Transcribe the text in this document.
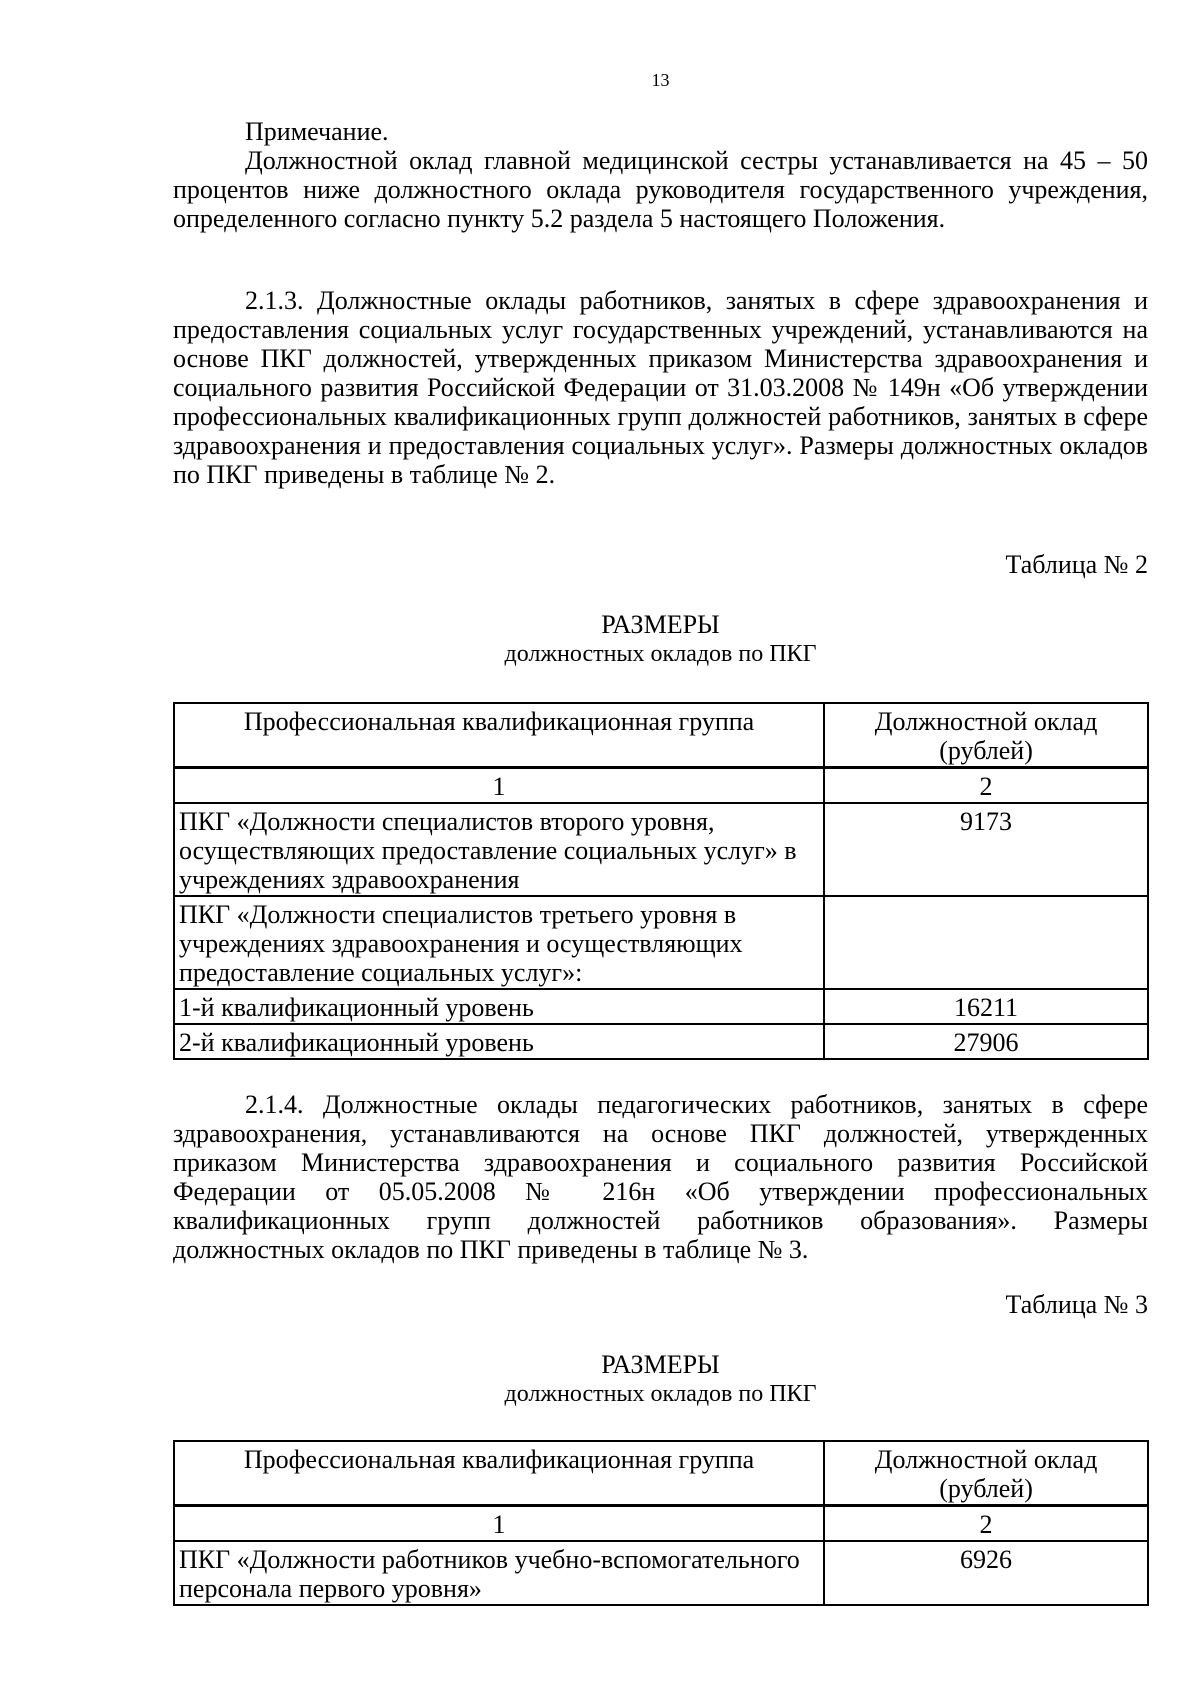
13
Примечание.
Должностной оклад главной медицинской сестры устанавливается на 45 – 50 процентов ниже должностного оклада руководителя государственного учреждения, определенного согласно пункту 5.2 раздела 5 настоящего Положения.
2.1.3. Должностные оклады работников, занятых в сфере здравоохранения и предоставления социальных услуг государственных учреждений, устанавливаются на основе ПКГ должностей, утвержденных приказом Министерства здравоохранения и социального развития Российской Федерации от 31.03.2008 № 149н «Об утверждении профессиональных квалификационных групп должностей работников, занятых в сфере здравоохранения и предоставления социальных услуг». Размеры должностных окладов по ПКГ приведены в таблице № 2.
Таблица № 2
РАЗМЕРЫ
должностных окладов по ПКГ
Профессиональная квалификационная группа	Должностной оклад (рублей)
1	2
ПКГ «Должности специалистов второго уровня, осуществляющих предоставление социальных услуг» в учреждениях здравоохранения	9173
ПКГ «Должности специалистов третьего уровня в учреждениях здравоохранения и осуществляющих предоставление социальных услуг»:	
1-й квалификационный уровень	16211
2-й квалификационный уровень	27906
2.1.4. Должностные оклады педагогических работников, занятых в сфере здравоохранения, устанавливаются на основе ПКГ должностей, утвержденных приказом Министерства здравоохранения и социального развития Российской Федерации от 05.05.2008 № 216н «Об утверждении профессиональных квалификационных групп должностей работников образования». Размеры должностных окладов по ПКГ приведены в таблице № 3.
Таблица № 3
РАЗМЕРЫ
должностных окладов по ПКГ
Профессиональная квалификационная группа	Должностной оклад (рублей)
1	2
ПКГ «Должности работников учебно-вспомогательного персонала первого уровня»	6926
